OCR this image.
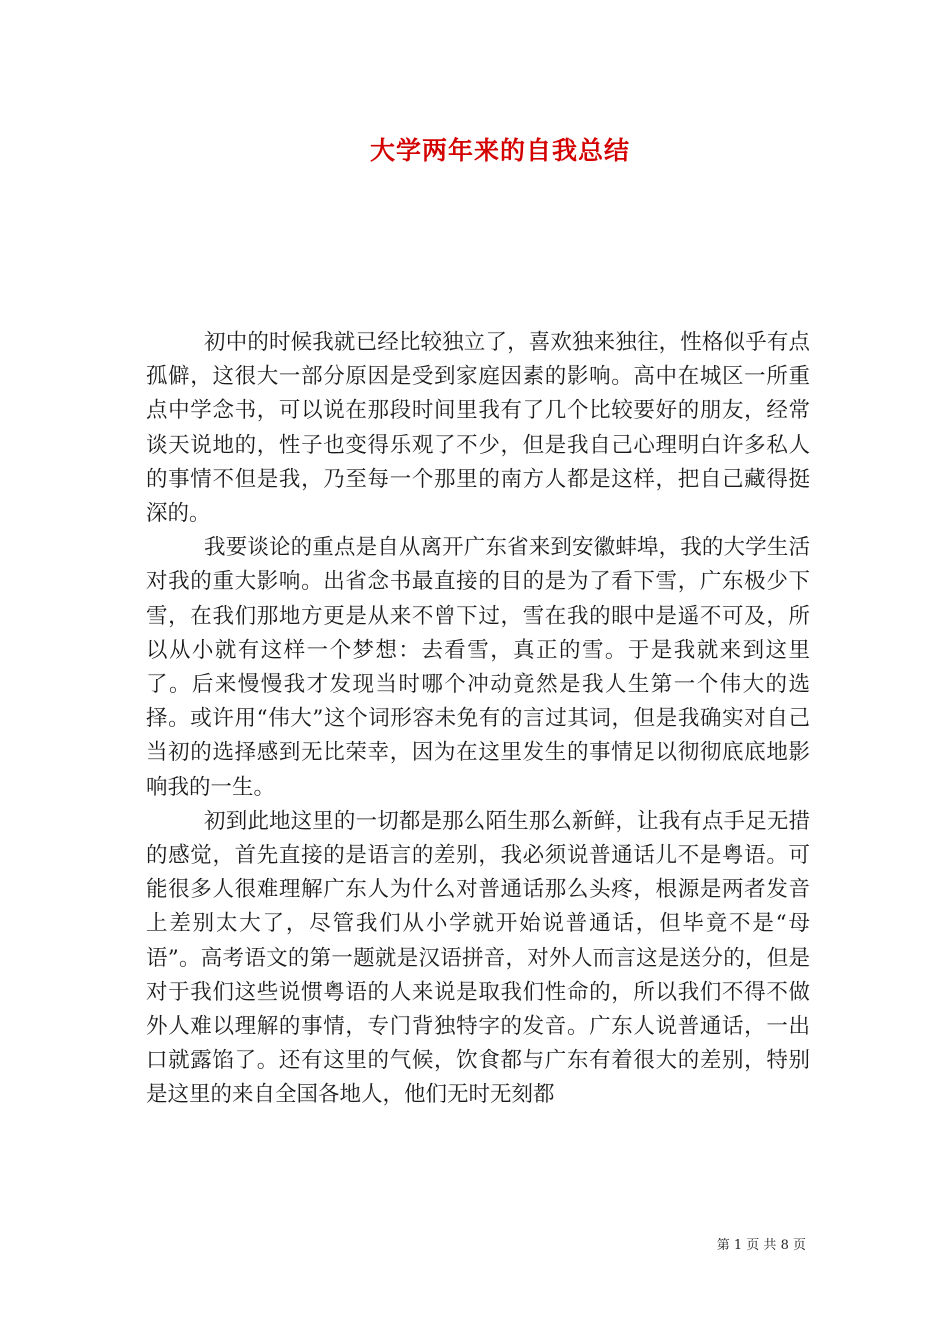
大学两年来的自我总结

初中的时候我就已经比较独立了，喜欢独来独往，性格似乎有点孤僻，这很大一部分原因是受到家庭因素的影响。高中在城区一所重点中学念书，可以说在那段时间里我有了几个比较要好的朋友，经常谈天说地的，性子也变得乐观了不少，但是我自己心理明白许多私人的事情不但是我，乃至每一个那里的南方人都是这样，把自己藏得挺深的。

我要谈论的重点是自从离开广东省来到安徽蚌埠，我的大学生活对我的重大影响。出省念书最直接的目的是为了看下雪，广东极少下雪，在我们那地方更是从来不曾下过，雪在我的眼中是遥不可及，所以从小就有这样一个梦想：去看雪，真正的雪。于是我就来到这里了。后来慢慢我才发现当时哪个冲动竟然是我人生第一个伟大的选择。或许用“伟大”这个词形容未免有的言过其词，但是我确实对自己当初的选择感到无比荣幸，因为在这里发生的事情足以彻彻底底地影响我的一生。

初到此地这里的一切都是那么陌生那么新鲜，让我有点手足无措的感觉，首先直接的是语言的差别，我必须说普通话儿不是粤语。可能很多人很难理解广东人为什么对普通话那么头疼，根源是两者发音上差别太大了，尽管我们从小学就开始说普通话，但毕竟不是“母语”。高考语文的第一题就是汉语拼音，对外人而言这是送分的，但是对于我们这些说惯粤语的人来说是取我们性命的，所以我们不得不做外人难以理解的事情，专门背独特字的发音。广东人说普通话，一出口就露馅了。还有这里的气候，饮食都与广东有着很大的差别，特别是这里的来自全国各地人，他们无时无刻都

第 1 页 共 8 页
